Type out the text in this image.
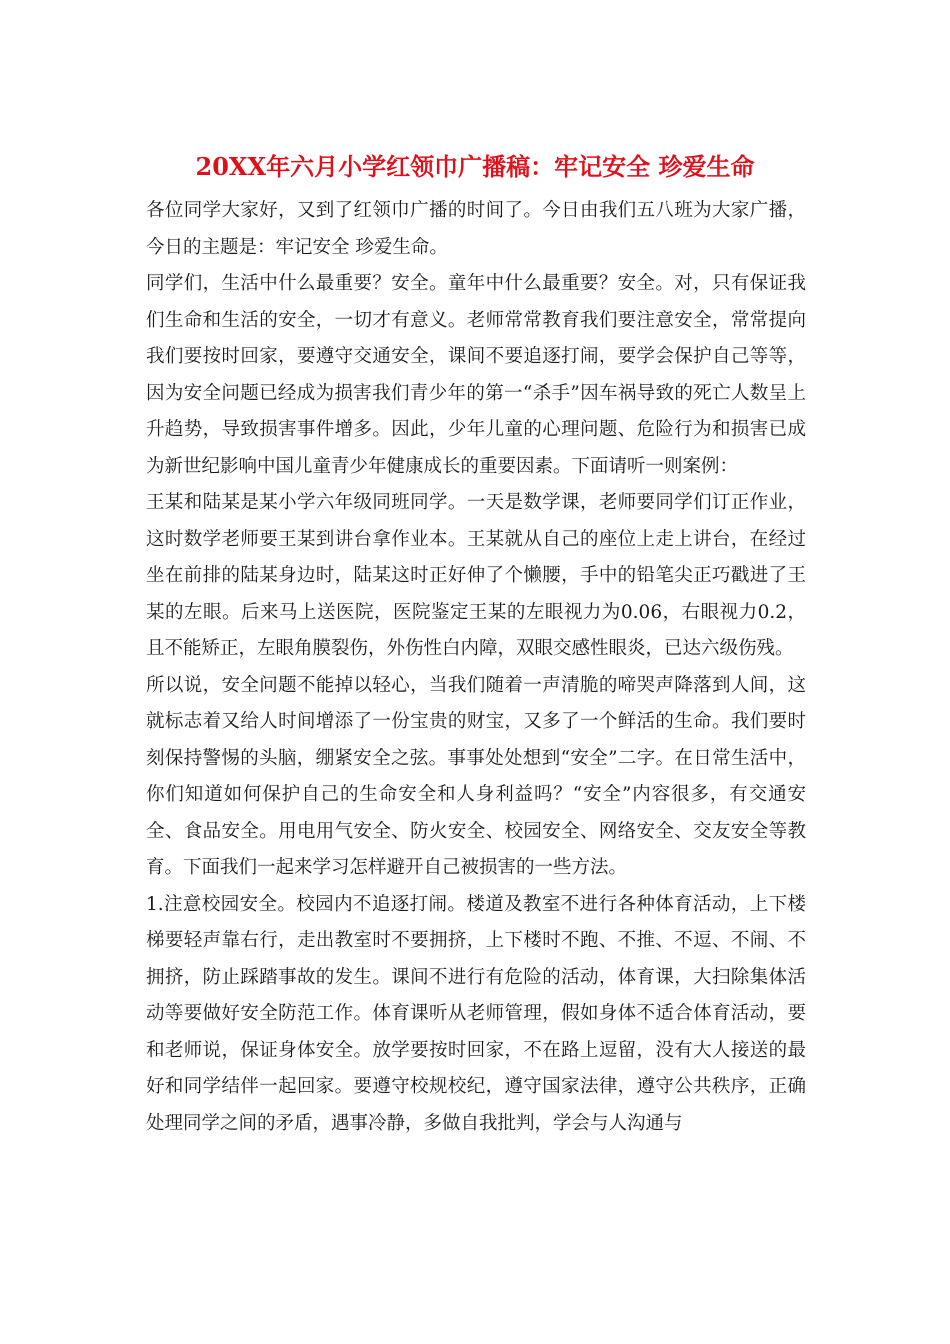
20XX年六月小学红领巾广播稿：牢记安全 珍爱生命

各位同学大家好，又到了红领巾广播的时间了。今日由我们五八班为大家广播，今日的主题是：牢记安全 珍爱生命。

同学们，生活中什么最重要？安全。童年中什么最重要？安全。对，只有保证我们生命和生活的安全，一切才有意义。老师常常教育我们要注意安全，常常提向我们要按时回家，要遵守交通安全，课间不要追逐打闹，要学会保护自己等等，因为安全问题已经成为损害我们青少年的第一“杀手”因车祸导致的死亡人数呈上升趋势，导致损害事件增多。因此，少年儿童的心理问题、危险行为和损害已成为新世纪影响中国儿童青少年健康成长的重要因素。下面请听一则案例：

王某和陆某是某小学六年级同班同学。一天是数学课，老师要同学们订正作业，这时数学老师要王某到讲台拿作业本。王某就从自己的座位上走上讲台，在经过坐在前排的陆某身边时，陆某这时正好伸了个懒腰，手中的铅笔尖正巧戳进了王某的左眼。后来马上送医院，医院鉴定王某的左眼视力为0.06，右眼视力0.2，且不能矫正，左眼角膜裂伤，外伤性白内障，双眼交感性眼炎，已达六级伤残。

所以说，安全问题不能掉以轻心，当我们随着一声清脆的啼哭声降落到人间，这就标志着又给人时间增添了一份宝贵的财宝，又多了一个鲜活的生命。我们要时刻保持警惕的头脑，绷紧安全之弦。事事处处想到“安全”二字。在日常生活中，你们知道如何保护自己的生命安全和人身利益吗？“安全”内容很多，有交通安全、食品安全。用电用气安全、防火安全、校园安全、网络安全、交友安全等教育。下面我们一起来学习怎样避开自己被损害的一些方法。

1.注意校园安全。校园内不追逐打闹。楼道及教室不进行各种体育活动，上下楼梯要轻声靠右行，走出教室时不要拥挤，上下楼时不跑、不推、不逗、不闹、不拥挤，防止踩踏事故的发生。课间不进行有危险的活动，体育课，大扫除集体活动等要做好安全防范工作。体育课听从老师管理，假如身体不适合体育活动，要和老师说，保证身体安全。放学要按时回家，不在路上逗留，没有大人接送的最好和同学结伴一起回家。要遵守校规校纪，遵守国家法律，遵守公共秩序，正确处理同学之间的矛盾，遇事冷静，多做自我批判，学会与人沟通与
